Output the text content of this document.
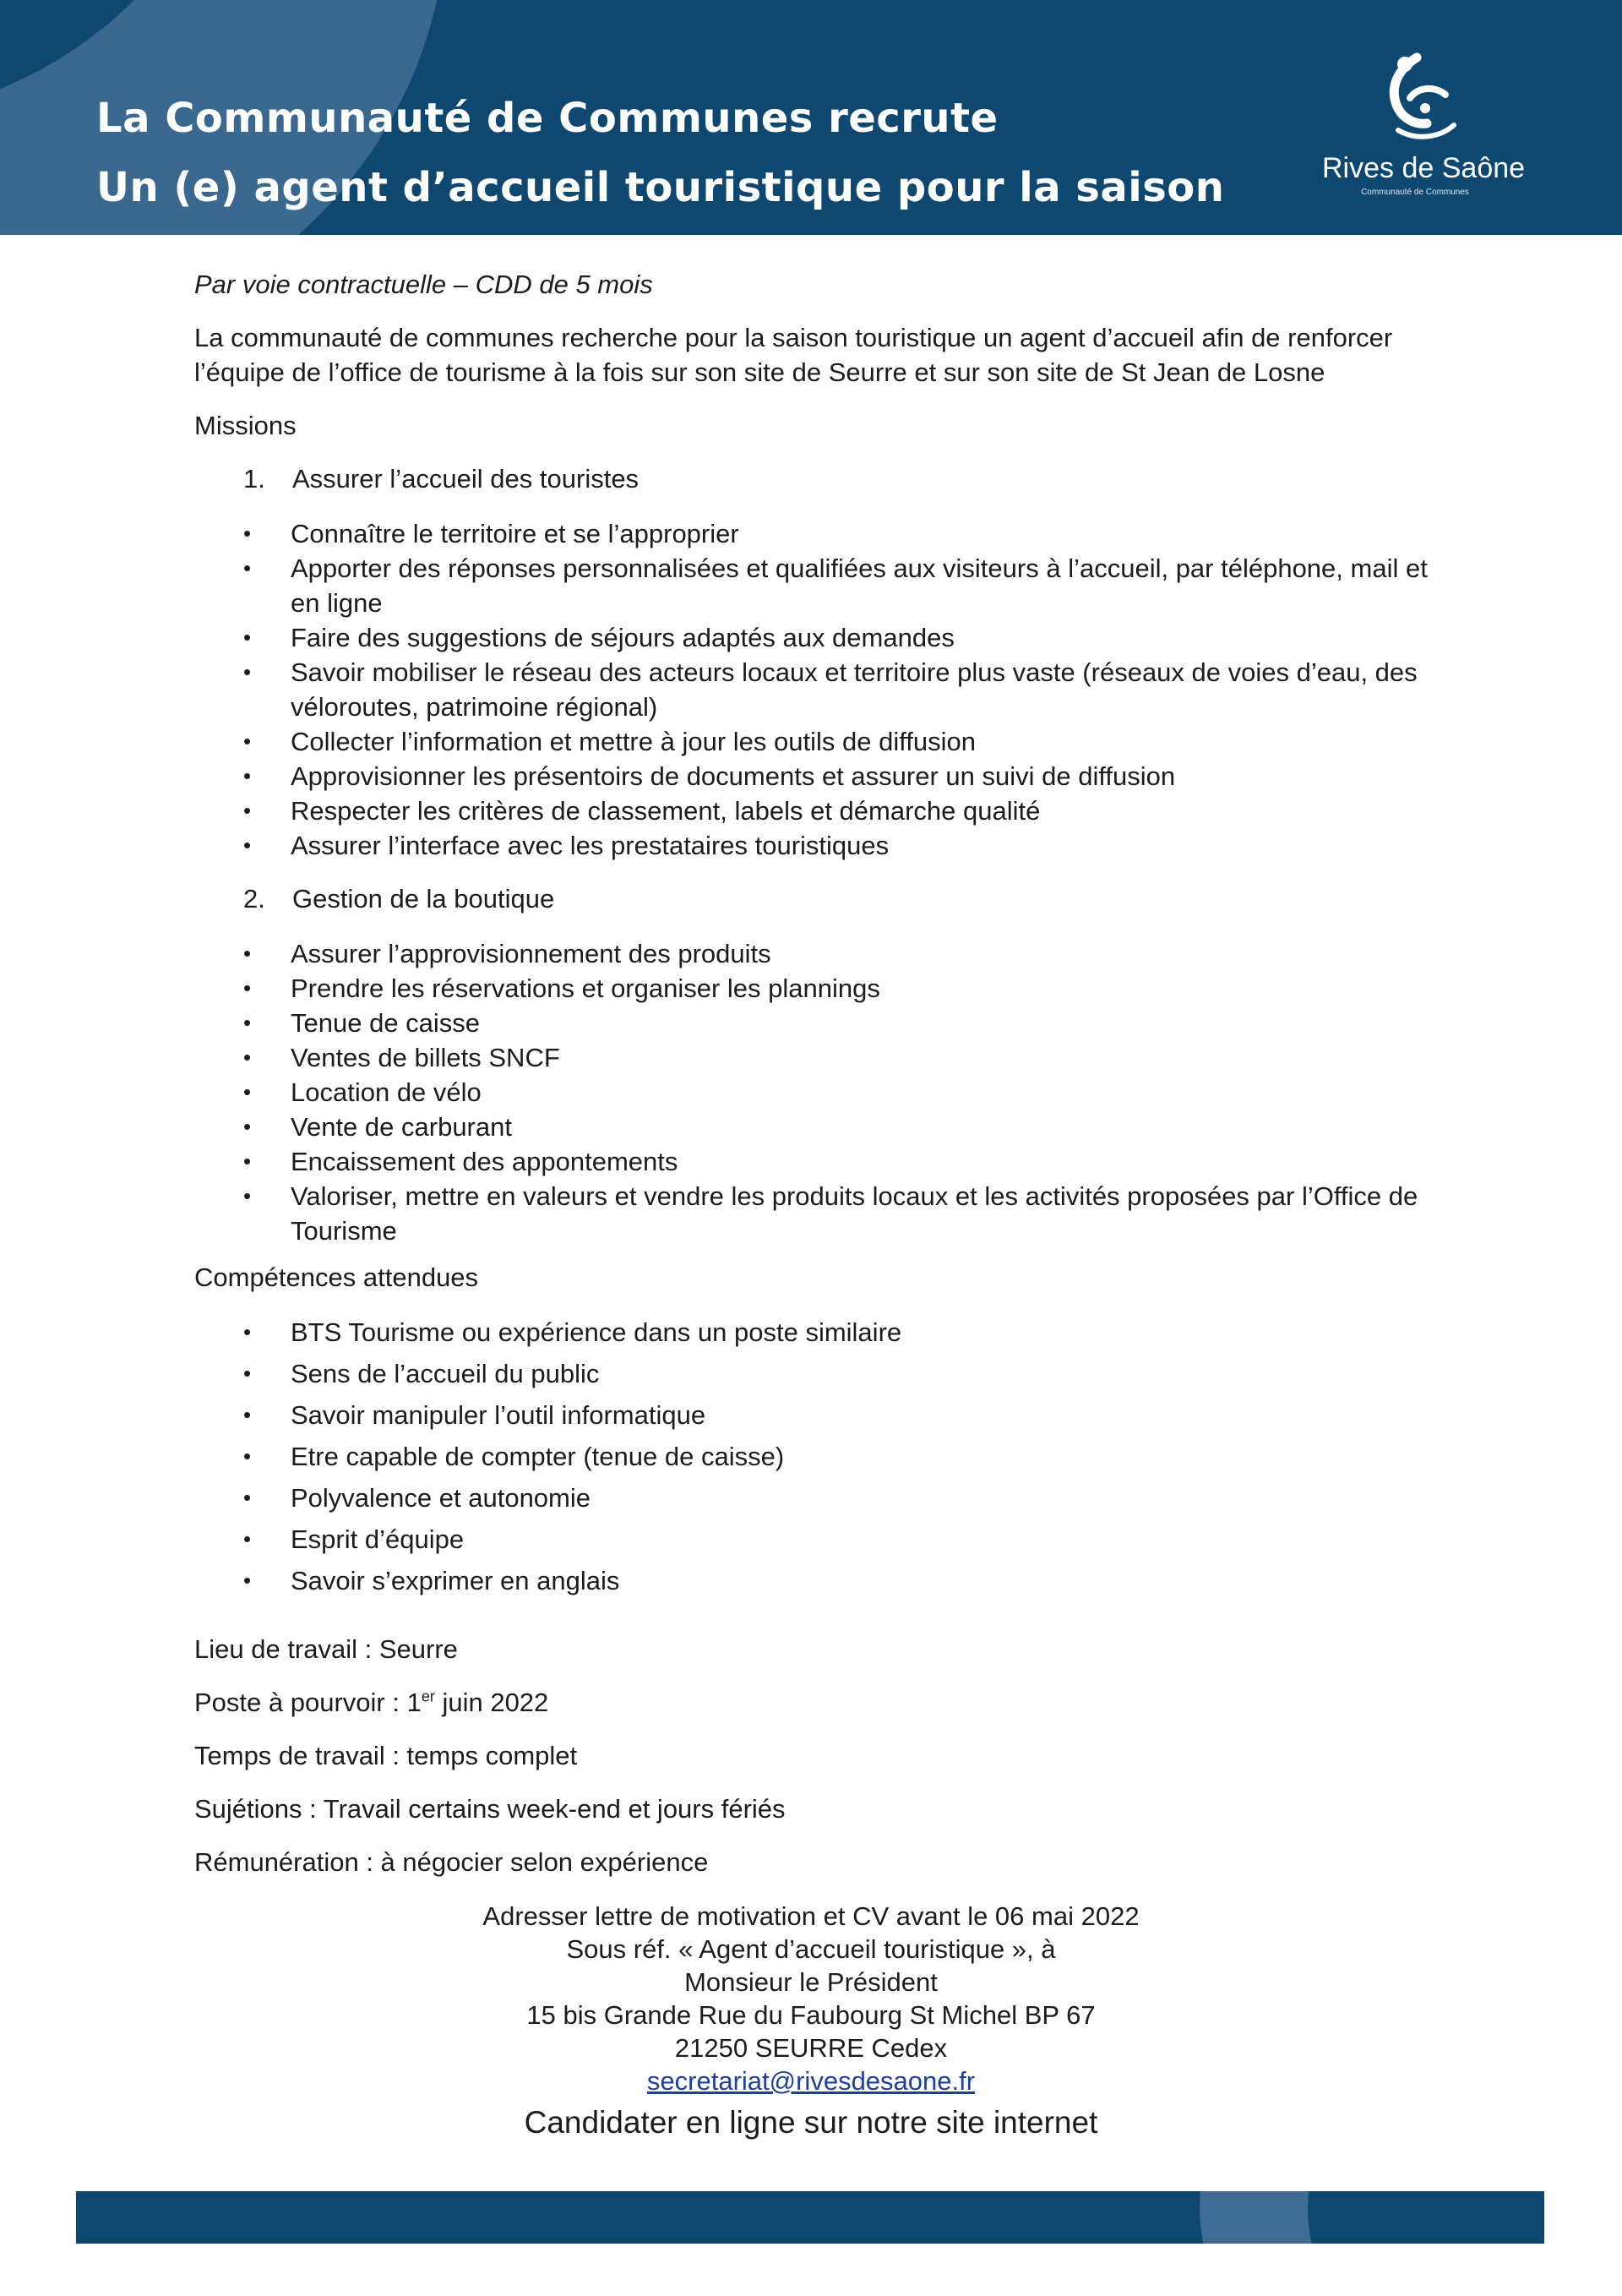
La Communauté de Communes recrute
Un (e) agent d’accueil touristique pour la saison	Rives de Saône
Communauté de Communes

Par voie contractuelle – CDD de 5 mois

La communauté de communes recherche pour la saison touristique un agent d’accueil afin de renforcer l’équipe de l’office de tourisme à la fois sur son site de Seurre et sur son site de St Jean de Losne

Missions

1.	Assurer l’accueil des touristes
• Connaître le territoire et se l’approprier
• Apporter des réponses personnalisées et qualifiées aux visiteurs à l’accueil, par téléphone, mail et en ligne
• Faire des suggestions de séjours adaptés aux demandes
• Savoir mobiliser le réseau des acteurs locaux et territoire plus vaste (réseaux de voies d’eau, des véloroutes, patrimoine régional)
• Collecter l’information et mettre à jour les outils de diffusion
• Approvisionner les présentoirs de documents et assurer un suivi de diffusion
• Respecter les critères de classement, labels et démarche qualité
• Assurer l’interface avec les prestataires touristiques
2.	Gestion de la boutique
• Assurer l’approvisionnement des produits
• Prendre les réservations et organiser les plannings
• Tenue de caisse
• Ventes de billets SNCF
• Location de vélo
• Vente de carburant
• Encaissement des appontements
• Valoriser, mettre en valeurs et vendre les produits locaux et les activités proposées par l’Office de Tourisme

Compétences attendues

• BTS Tourisme ou expérience dans un poste similaire
• Sens de l’accueil du public
• Savoir manipuler l’outil informatique
• Etre capable de compter (tenue de caisse)
• Polyvalence et autonomie
• Esprit d’équipe
• Savoir s’exprimer en anglais

Lieu de travail : Seurre

Poste à pourvoir : 1er juin 2022

Temps de travail : temps complet

Sujétions : Travail certains week-end et jours fériés

Rémunération : à négocier selon expérience

Adresser lettre de motivation et CV avant le 06 mai 2022
Sous réf. « Agent d’accueil touristique », à
Monsieur le Président
15 bis Grande Rue du Faubourg St Michel BP 67
21250 SEURRE Cedex
secretariat@rivesdesaone.fr
Candidater en ligne sur notre site internet
